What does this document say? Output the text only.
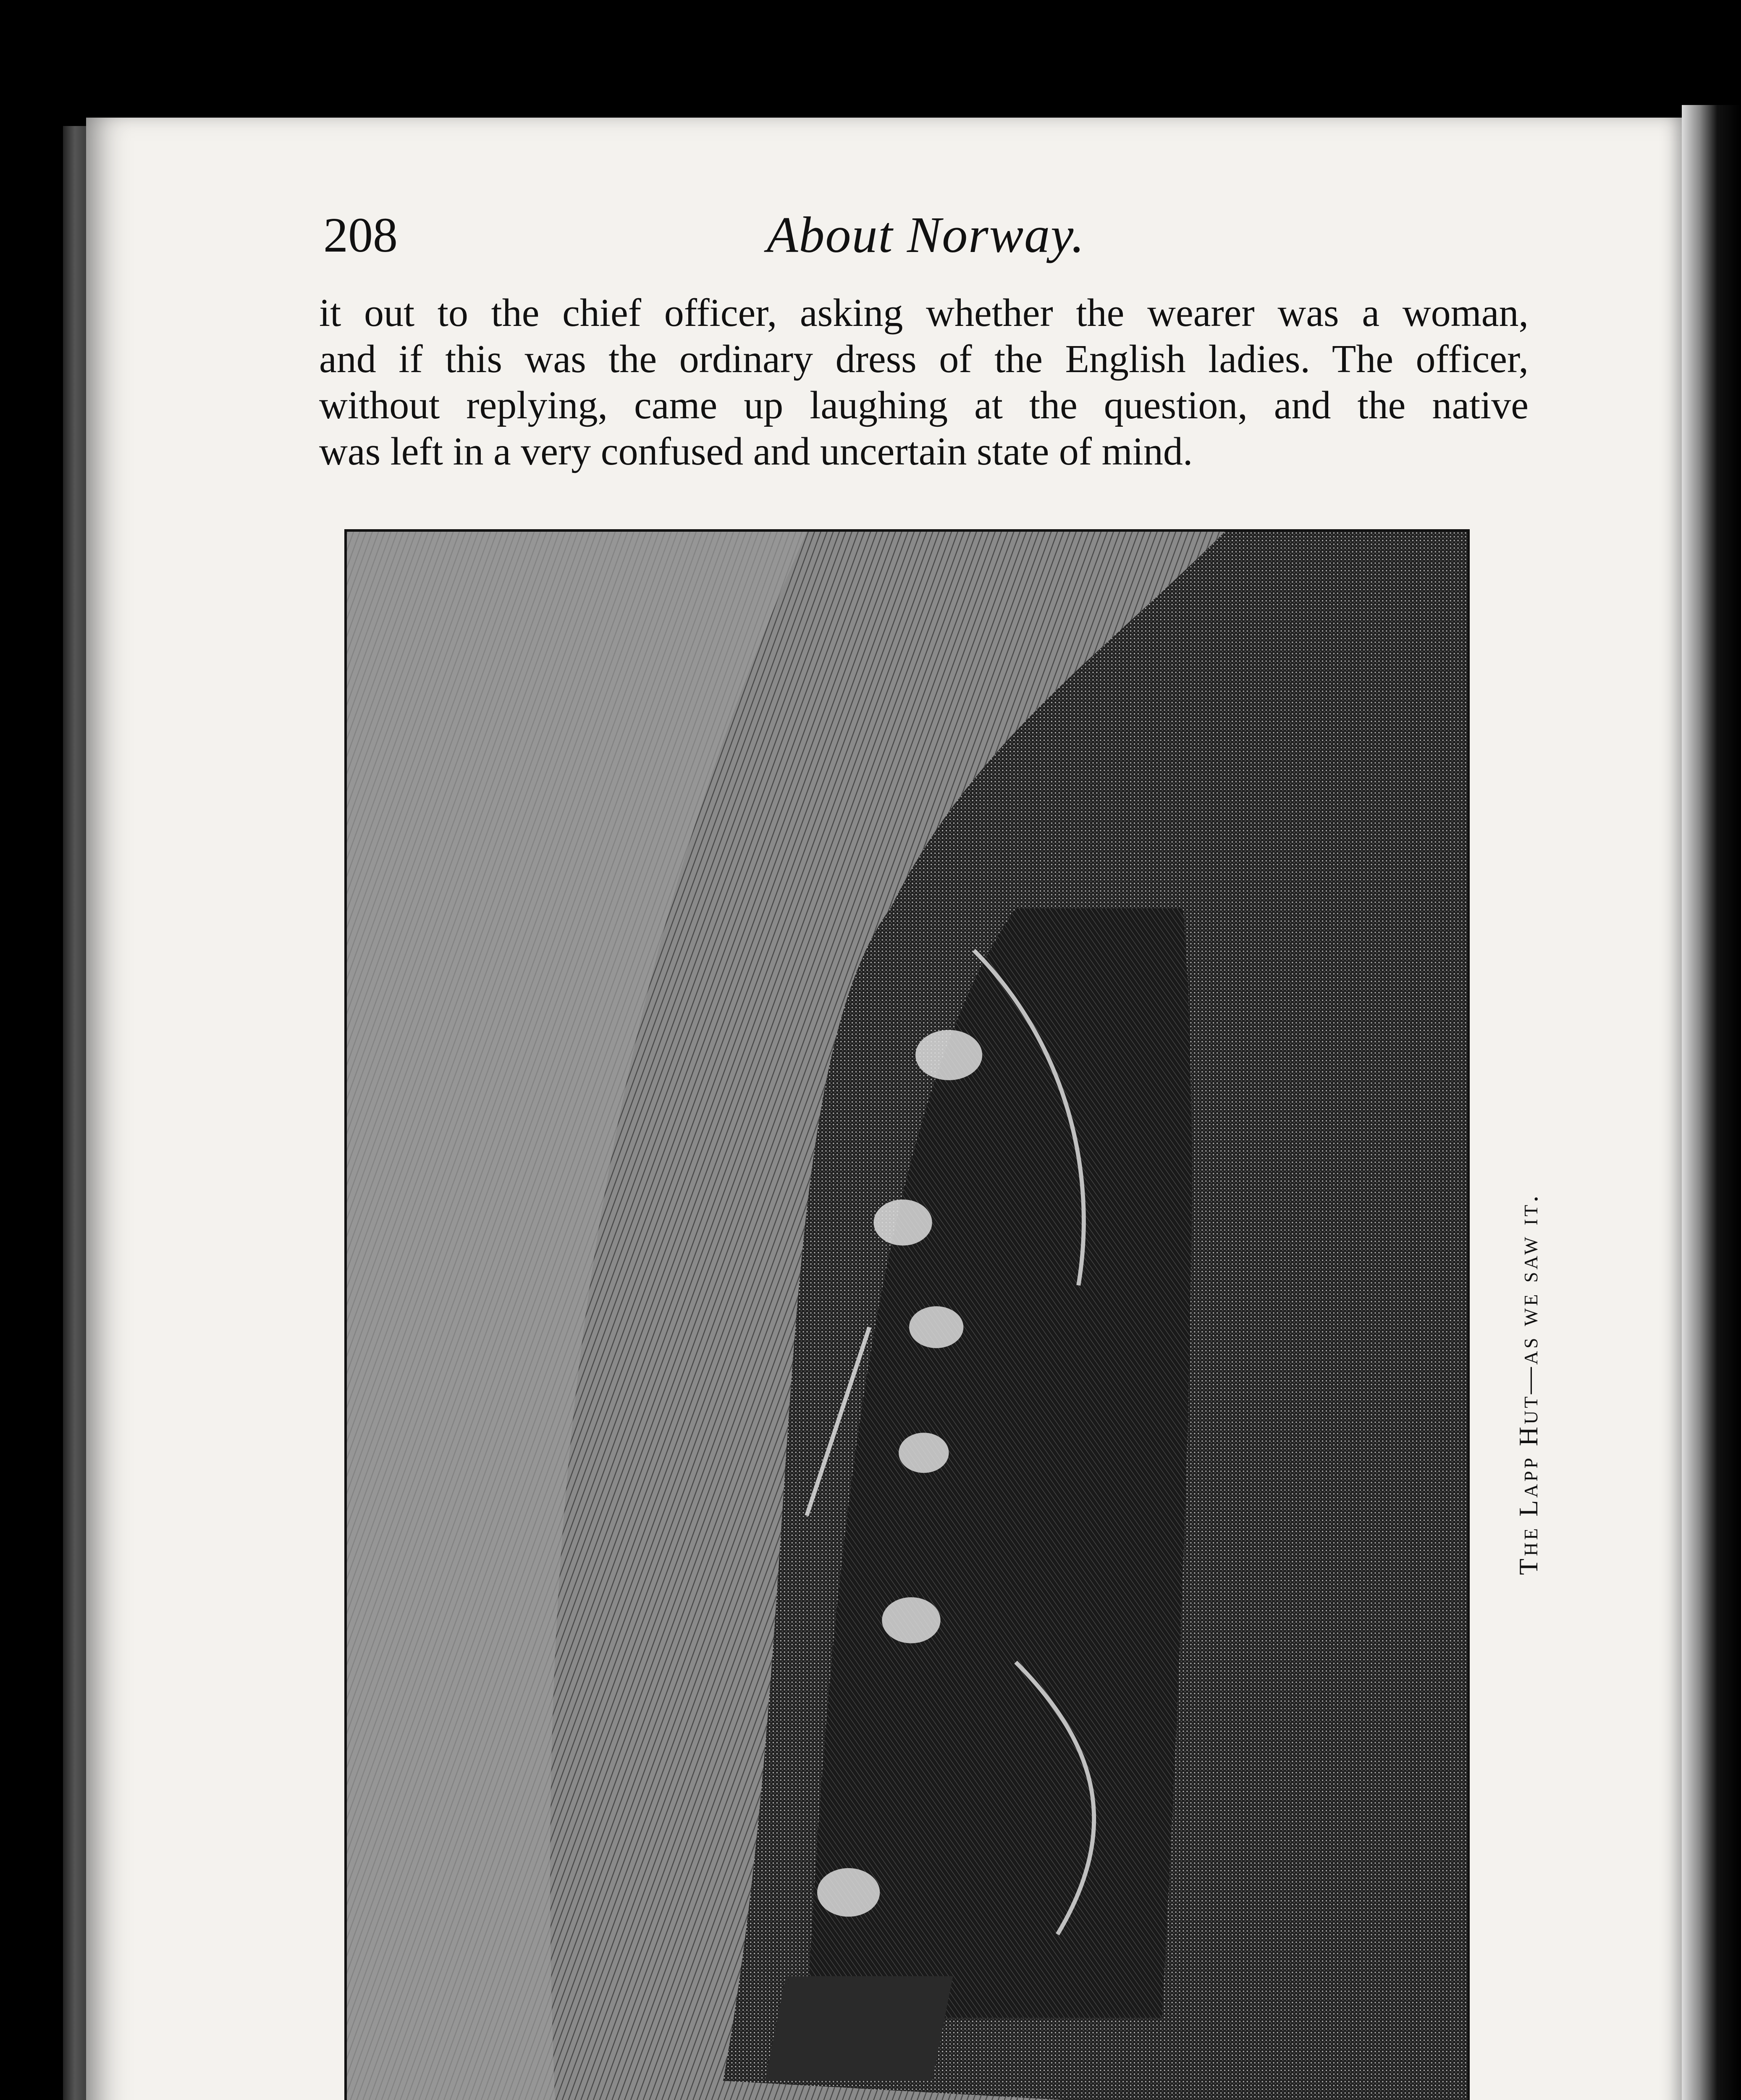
208	About Norway.
it out to the chief officer, asking whether the wearer was a woman,
and if this was the ordinary dress of the English ladies. The officer,
without replying, came up laughing at the question, and the native
was left in a very confused and uncertain state of mind.
The Lapp Hut—as we saw it.
